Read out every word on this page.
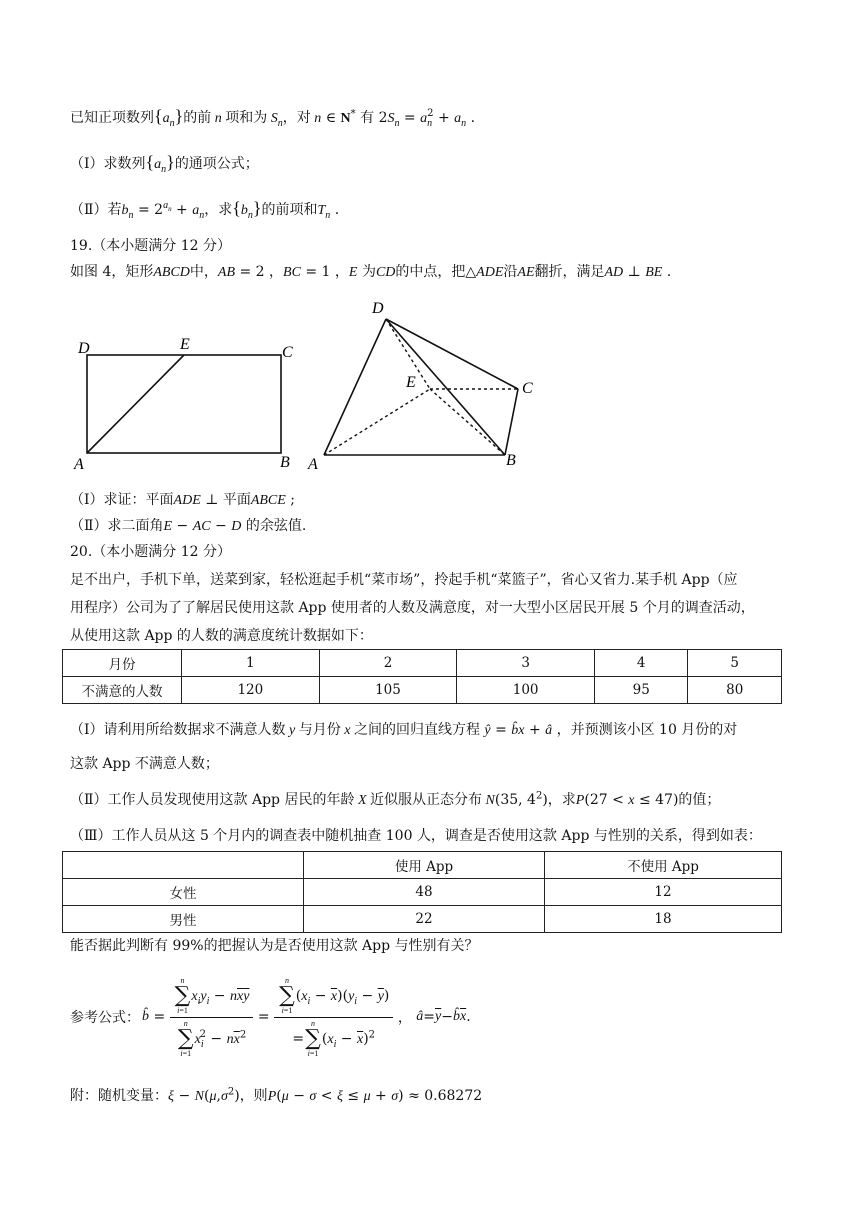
已知正项数列$\{a_n\}$的前 n 项和为 $S_n$，对 n ∈ N* 有 $2S_n = a_n^2 + a_n$ .
（Ⅰ）求数列$\{a_n\}$的通项公式；
（Ⅱ）若$b_n = 2^{a_n} + a_n$，求$\{b_n\}$的前项和$T_n$ .
19.（本小题满分 12 分）
如图 4，矩形ABCD中，AB = 2 ，BC = 1 ，E 为CD的中点，把△ADE沿AE翻折，满足AD ⊥ BE .
D	E	C
A	B
D
E	C
A	B
（Ⅰ）求证：平面ADE ⊥ 平面ABCE ;
（Ⅱ）求二面角E − AC − D 的余弦值.
20.（本小题满分 12 分）
足不出户，手机下单，送菜到家，轻松逛起手机“菜市场”，拎起手机“菜篮子”，省心又省力.某手机 App（应
用程序）公司为了了解居民使用这款 App 使用者的人数及满意度，对一大型小区居民开展 5 个月的调查活动，
从使用这款 App 的人数的满意度统计数据如下：
月份	1	2	3	4	5
不满意的人数	120	105	100	95	80
（Ⅰ）请利用所给数据求不满意人数 y 与月份 x 之间的回归直线方程 ŷ = b̂x + â ，并预测该小区 10 月份的对
这款 App 不满意人数；
（Ⅱ）工作人员发现使用这款 App 居民的年龄 X 近似服从正态分布 N(35, $4^2$)，求P(27 < x ≤ 47)的值；
（Ⅲ）工作人员从这 5 个月内的调查表中随机抽查 100 人，调查是否使用这款 App 与性别的关系，得到如表：
	使用 App	不使用 App
女性	48	12
男性	22	18
能否据此判断有 99%的把握认为是否使用这款 App 与性别有关？
参考公式： b̂ = n
∑
i=1
$x_iy_i - n\overline{x}\overline{y}$
n
∑
i=1
$x_i^2 - n\overline{x}^2 = n$
∑
i=1
$(x_i - \overline{x})(y_i - \overline{y})$
=
n
∑
i=1
$(x_i - \overline{x})^2$ ， â = $\overline{y}$ − b̂ $\overline{x}$ .
附：随机变量：$\xi - N(\mu,\sigma^2)$，则P(μ − σ < ξ ≤ μ + σ) ≈ 0.68272
